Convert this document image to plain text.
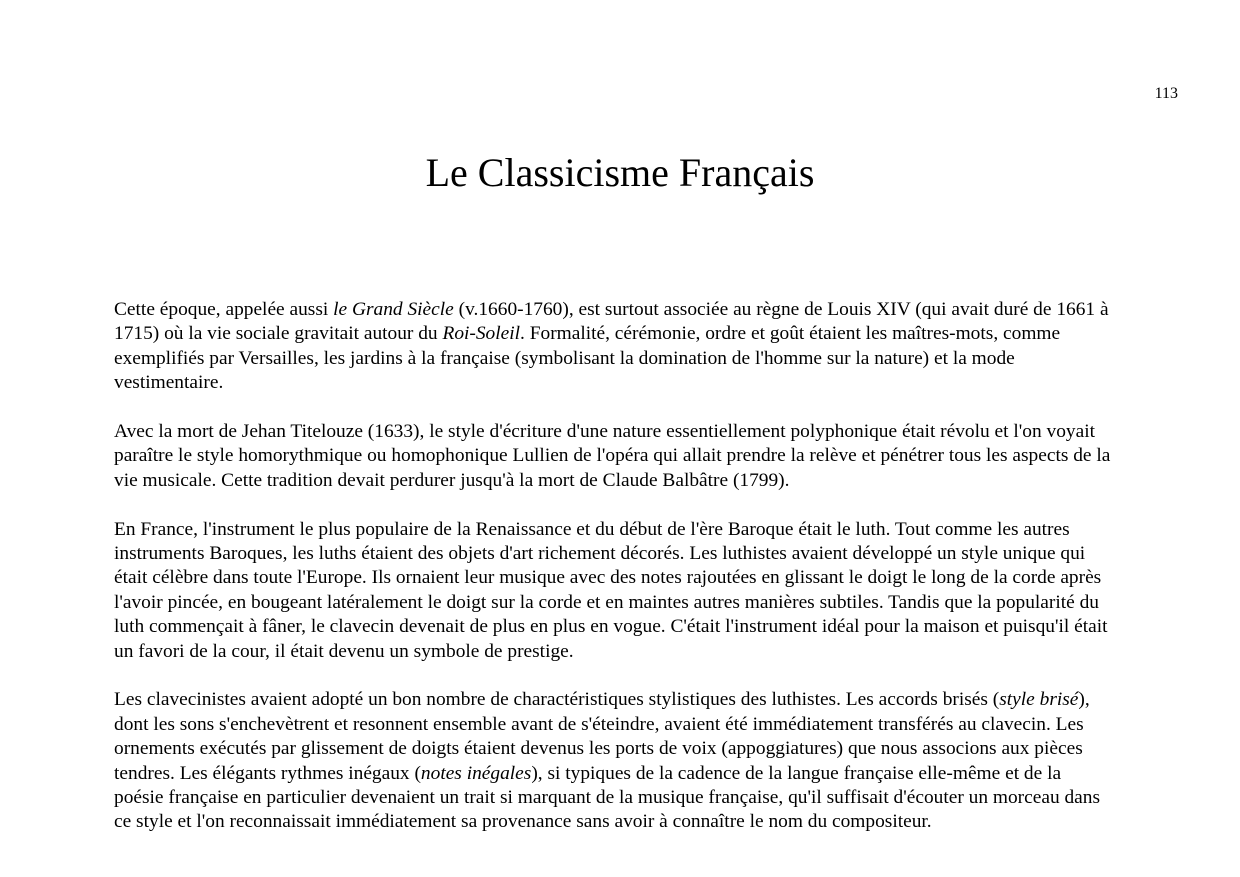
113
Le Classicisme Français

Cette époque, appelée aussi le Grand Siècle (v.1660-1760), est surtout associée au règne de Louis XIV (qui avait duré de 1661 à 1715) où la vie sociale gravitait autour du Roi-Soleil. Formalité, cérémonie, ordre et goût étaient les maîtres-mots, comme exemplifiés par Versailles, les jardins à la française (symbolisant la domination de l'homme sur la nature) et la mode vestimentaire.

Avec la mort de Jehan Titelouze (1633), le style d'écriture d'une nature essentiellement polyphonique était révolu et l'on voyait paraître le style homorythmique ou homophonique Lullien de l'opéra qui allait prendre la relève et pénétrer tous les aspects de la vie musicale. Cette tradition devait perdurer jusqu'à la mort de Claude Balbâtre (1799).

En France, l'instrument le plus populaire de la Renaissance et du début de l'ère Baroque était le luth. Tout comme les autres instruments Baroques, les luths étaient des objets d'art richement décorés. Les luthistes avaient développé un style unique qui était célèbre dans toute l'Europe. Ils ornaient leur musique avec des notes rajoutées en glissant le doigt le long de la corde après l'avoir pincée, en bougeant latéralement le doigt sur la corde et en maintes autres manières subtiles. Tandis que la popularité du luth commençait à fâner, le clavecin devenait de plus en plus en vogue. C'était l'instrument idéal pour la maison et puisqu'il était un favori de la cour, il était devenu un symbole de prestige.

Les clavecinistes avaient adopté un bon nombre de charactéristiques stylistiques des luthistes. Les accords brisés (style brisé), dont les sons s'enchevètrent et resonnent ensemble avant de s'éteindre, avaient été immédiatement transférés au clavecin. Les ornements exécutés par glissement de doigts étaient devenus les ports de voix (appoggiatures) que nous associons aux pièces tendres. Les élégants rythmes inégaux (notes inégales), si typiques de la cadence de la langue française elle-même et de la poésie française en particulier devenaient un trait si marquant de la musique française, qu'il suffisait d'écouter un morceau dans ce style et l'on reconnaissait immédiatement sa provenance sans avoir à connaître le nom du compositeur.
